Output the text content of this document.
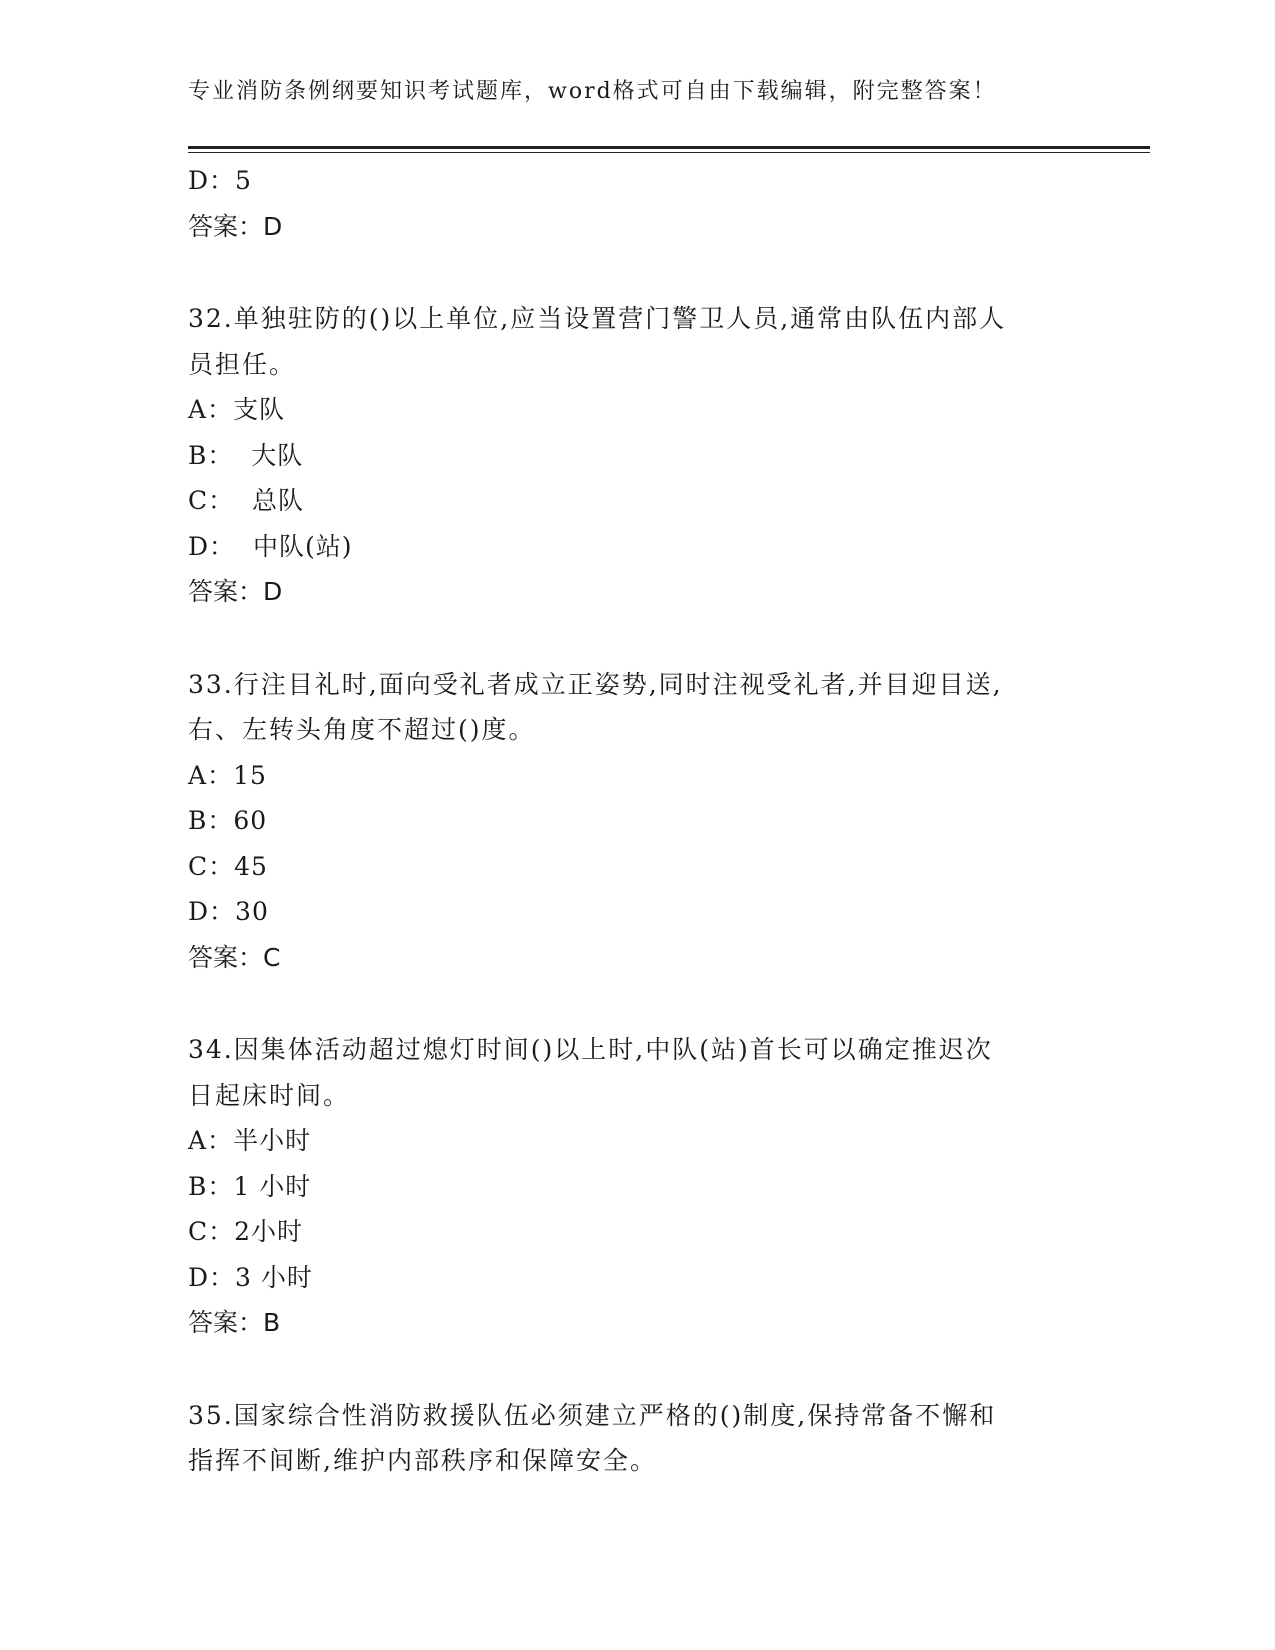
专业消防条例纲要知识考试题库，word格式可自由下载编辑，附完整答案！
D：5
答案：D
32.单独驻防的()以上单位,应当设置营门警卫人员,通常由队伍内部人
员担任。
A：支队
B：  大队
C：  总队
D：  中队(站)
答案：D
33.行注目礼时,面向受礼者成立正姿势,同时注视受礼者,并目迎目送,
右、左转头角度不超过()度。
A：15
B：60
C：45
D：30
答案：C
34.因集体活动超过熄灯时间()以上时,中队(站)首长可以确定推迟次
日起床时间。
A：半小时
B：1 小时
C：2小时
D：3 小时
答案：B
35.国家综合性消防救援队伍必须建立严格的()制度,保持常备不懈和
指挥不间断,维护内部秩序和保障安全。
